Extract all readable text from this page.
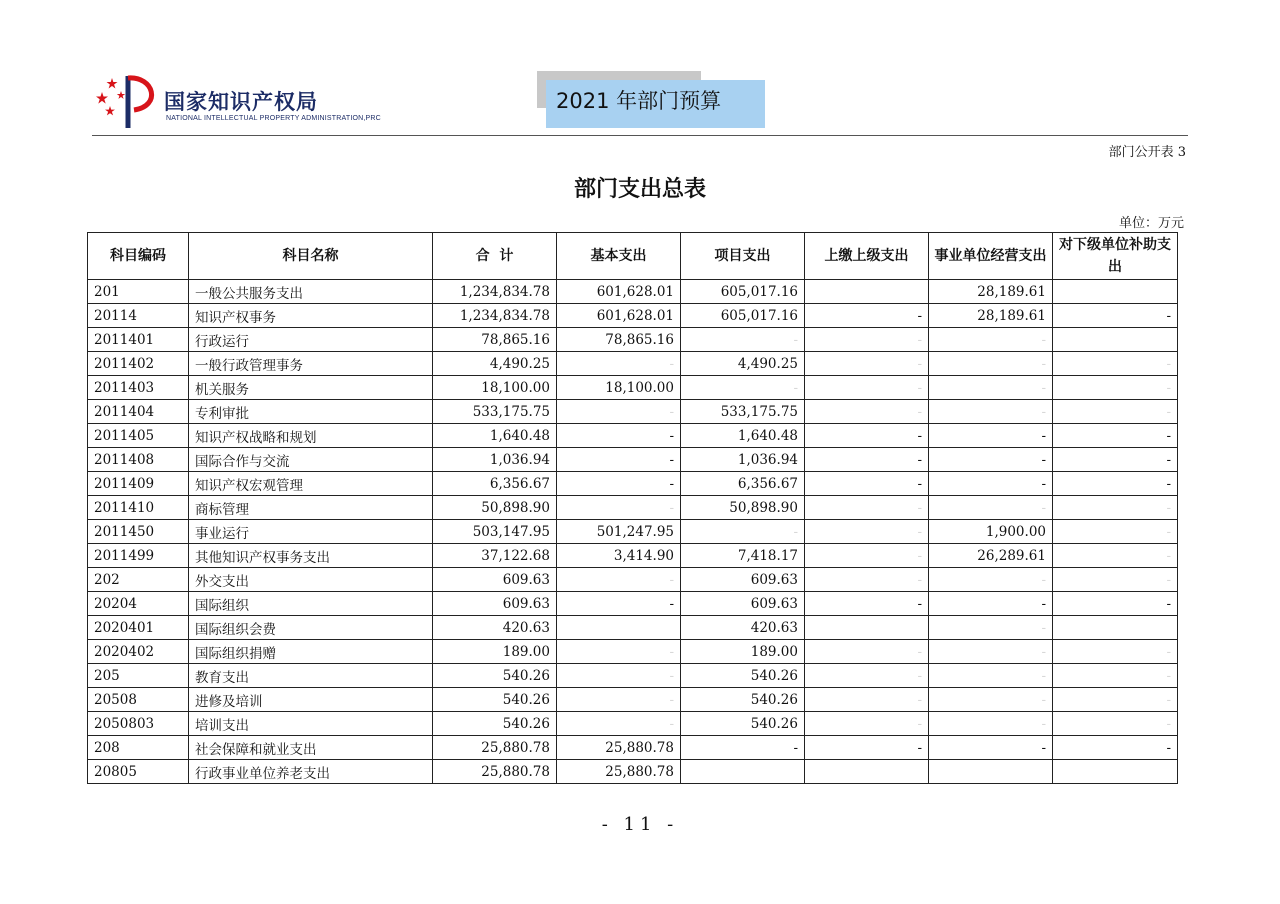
国家知识产权局
NATIONAL INTELLECTUAL PROPERTY ADMINISTRATION,PRC
2021 年部门预算
部门公开表 3
部门支出总表
单位：万元
科目编码	科目名称	合  计	基本支出	项目支出	上缴上级支出	事业单位经营支出	对下级单位补助支出
201	一般公共服务支出	1,234,834.78	601,628.01	605,017.16		28,189.61	
20114	知识产权事务	1,234,834.78	601,628.01	605,017.16	-	28,189.61	-
2011401	行政运行	78,865.16	78,865.16	-	-	-	
2011402	一般行政管理事务	4,490.25	-	4,490.25	-	-	-
2011403	机关服务	18,100.00	18,100.00	-	-	-	-
2011404	专利审批	533,175.75	-	533,175.75	-	-	-
2011405	知识产权战略和规划	1,640.48	-	1,640.48	-	-	-
2011408	国际合作与交流	1,036.94	-	1,036.94	-	-	-
2011409	知识产权宏观管理	6,356.67	-	6,356.67	-	-	-
2011410	商标管理	50,898.90	-	50,898.90	-	-	-
2011450	事业运行	503,147.95	501,247.95	-	-	1,900.00	-
2011499	其他知识产权事务支出	37,122.68	3,414.90	7,418.17	-	26,289.61	-
202	外交支出	609.63	-	609.63	-	-	-
20204	国际组织	609.63	-	609.63	-	-	-
2020401	国际组织会费	420.63		420.63		-	
2020402	国际组织捐赠	189.00	-	189.00	-	-	-
205	教育支出	540.26	-	540.26	-	-	-
20508	进修及培训	540.26	-	540.26	-	-	-
2050803	培训支出	540.26	-	540.26	-	-	-
208	社会保障和就业支出	25,880.78	25,880.78	-	-	-	-
20805	行政事业单位养老支出	25,880.78	25,880.78				
- 11 -
